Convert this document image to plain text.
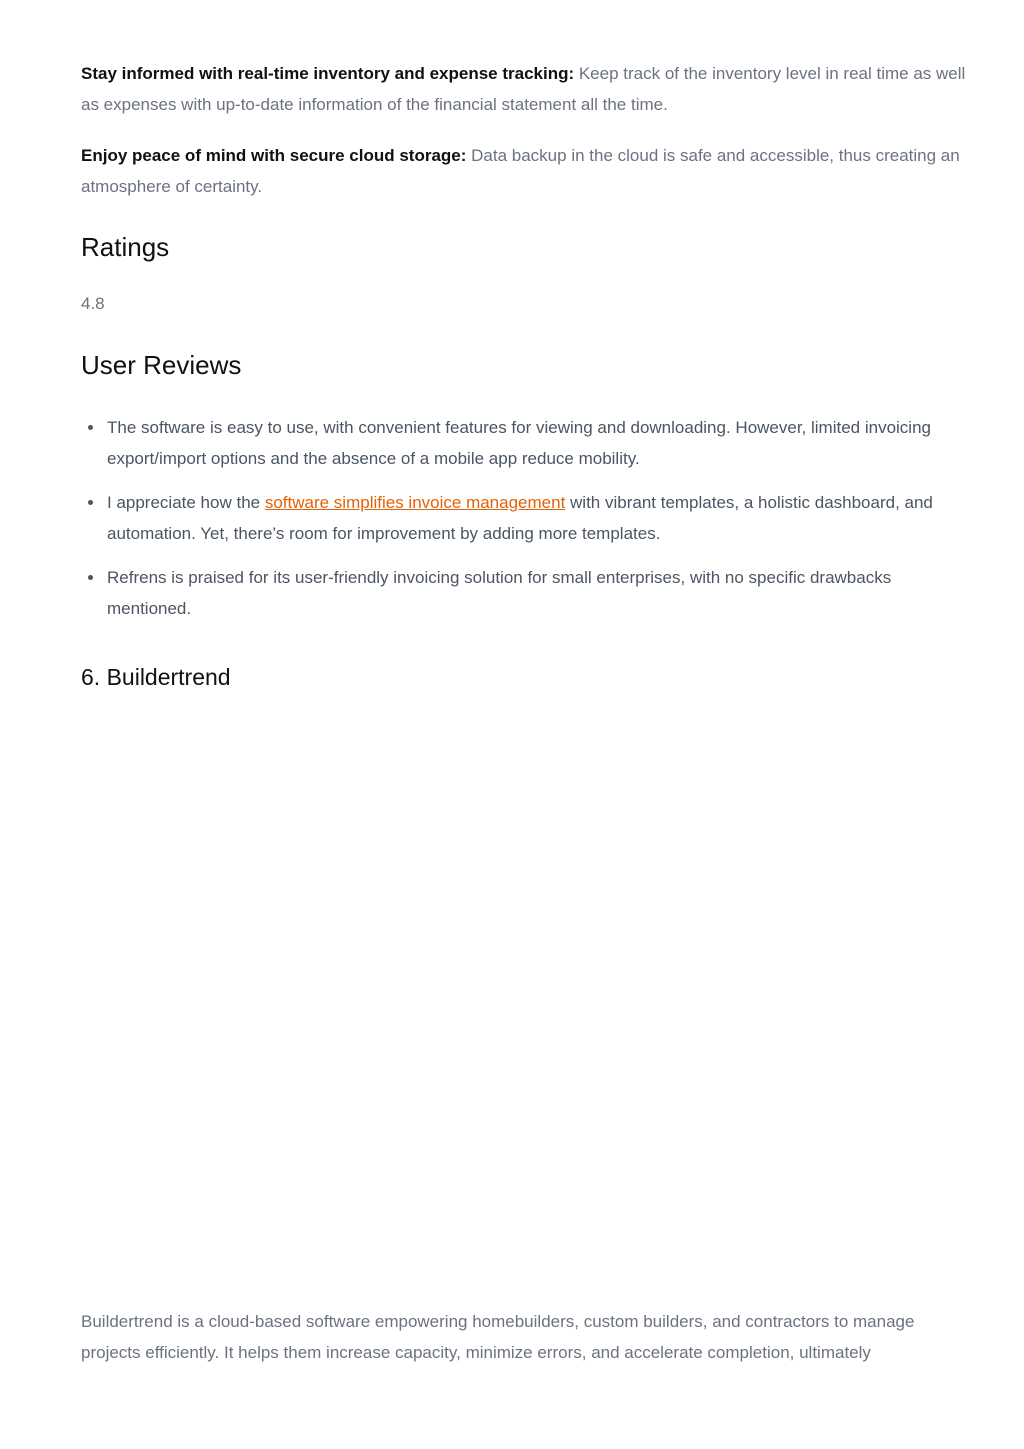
Stay informed with real-time inventory and expense tracking: Keep track of the inventory level in real time as well as expenses with up-to-date information of the financial statement all the time.

Enjoy peace of mind with secure cloud storage: Data backup in the cloud is safe and accessible, thus creating an atmosphere of certainty.

Ratings

4.8

User Reviews
The software is easy to use, with convenient features for viewing and downloading. However, limited invoicing export/import options and the absence of a mobile app reduce mobility.
I appreciate how the software simplifies invoice management with vibrant templates, a holistic dashboard, and automation. Yet, there’s room for improvement by adding more templates.
Refrens is praised for its user-friendly invoicing solution for small enterprises, with no specific drawbacks mentioned.
6. Buildertrend

Buildertrend is a cloud-based software empowering homebuilders, custom builders, and contractors to manage projects efficiently. It helps them increase capacity, minimize errors, and accelerate completion, ultimately
